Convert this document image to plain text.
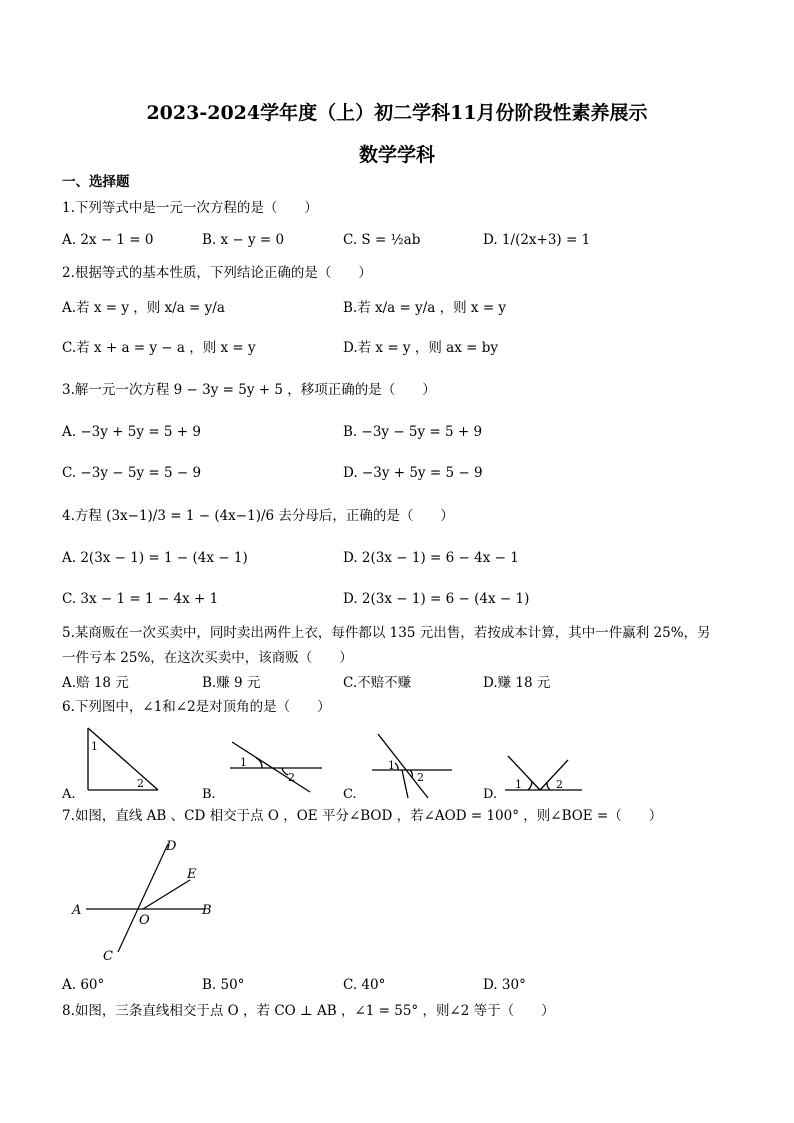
2023-2024学年度（上）初二学科11月份阶段性素养展示
数学学科
一、选择题
1.下列等式中是一元一次方程的是（　　）
A. 2x − 1 = 0	B. x − y = 0	C. S = ½ab	D. 1/(2x+3) = 1
2.根据等式的基本性质，下列结论正确的是（　　）
A.若 x = y ，则 x/a = y/a	B.若 x/a = y/a ，则 x = y
C.若 x + a = y − a ，则 x = y	D.若 x = y ，则 ax = by
3.解一元一次方程 9 − 3y = 5y + 5 ，移项正确的是（　　）
A. −3y + 5y = 5 + 9	B. −3y − 5y = 5 + 9
C. −3y − 5y = 5 − 9	D. −3y + 5y = 5 − 9
4.方程 (3x−1)/3 = 1 − (4x−1)/6 去分母后，正确的是（　　）
A. 2(3x − 1) = 1 − (4x − 1)	D. 2(3x − 1) = 6 − 4x − 1
C. 3x − 1 = 1 − 4x + 1	D. 2(3x − 1) = 6 − (4x − 1)
5.某商贩在一次买卖中，同时卖出两件上衣，每件都以 135 元出售，若按成本计算，其中一件赢利 25%，另
一件亏本 25%，在这次买卖中，该商贩（　　）
A.赔 18 元	B.赚 9 元	C.不赔不赚	D.赚 18 元
6.下列图中，∠1和∠2是对顶角的是（　　）
1
2
A.
1
2
B.
1
2
C.
1	2
D.
7.如图，直线 AB 、CD 相交于点 O ，OE 平分∠BOD ，若∠AOD = 100° ，则∠BOE =（　　）
A	B
C
D
E
O
A. 60°	B. 50°	C. 40°	D. 30°
8.如图，三条直线相交于点 O ，若 CO ⊥ AB ，∠1 = 55° ，则∠2 等于（　　）
